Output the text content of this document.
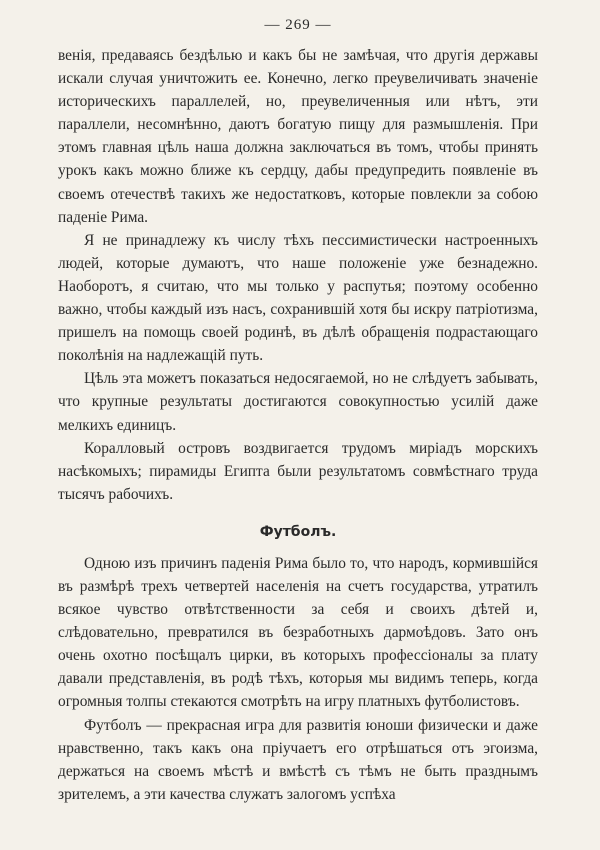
— 269 —

венія, предаваясь бездѣлью и какъ бы не замѣчая, что другія державы искали случая уничтожить ее. Конечно, легко преувеличивать значеніе историческихъ параллелей, но, преувеличенныя или нѣтъ, эти параллели, несомнѣнно, даютъ богатую пищу для размышленія. При этомъ главная цѣль наша должна заключаться въ томъ, чтобы принять урокъ какъ можно ближе къ сердцу, дабы предупредить появленіе въ своемъ отечествѣ такихъ же недостатковъ, которые повлекли за собою паденіе Рима.

Я не принадлежу къ числу тѣхъ пессимистически настроенныхъ людей, которые думаютъ, что наше положеніе уже безнадежно. Наоборотъ, я считаю, что мы только у распутья; поэтому особенно важно, чтобы каждый изъ насъ, сохранившій хотя бы искру патріотизма, пришелъ на помощь своей родинѣ, въ дѣлѣ обращенія подрастающаго поколѣнія на надлежащій путь.

Цѣль эта можетъ показаться недосягаемой, но не слѣдуетъ забывать, что крупные результаты достигаются совокупностью усилій даже мелкихъ единицъ.

Коралловый островъ воздвигается трудомъ миріадъ морскихъ насѣкомыхъ; пирамиды Египта были результатомъ совмѣстнаго труда тысячъ рабочихъ.

Футболъ.

Одною изъ причинъ паденія Рима было то, что народъ, кормившійся въ размѣрѣ трехъ четвертей населенія на счетъ государства, утратилъ всякое чувство отвѣтственности за себя и своихъ дѣтей и, слѣдовательно, превратился въ безработныхъ дармоѣдовъ. Зато онъ очень охотно посѣщалъ цирки, въ которыхъ профессіоналы за плату давали представленія, въ родѣ тѣхъ, которыя мы видимъ теперь, когда огромныя толпы стекаются смотрѣть на игру платныхъ футболистовъ.

Футболъ — прекрасная игра для развитія юноши физически и даже нравственно, такъ какъ она пріучаетъ его отрѣшаться отъ эгоизма, держаться на своемъ мѣстѣ и вмѣстѣ съ тѣмъ не быть празднымъ зрителемъ, а эти качества служатъ залогомъ успѣха
